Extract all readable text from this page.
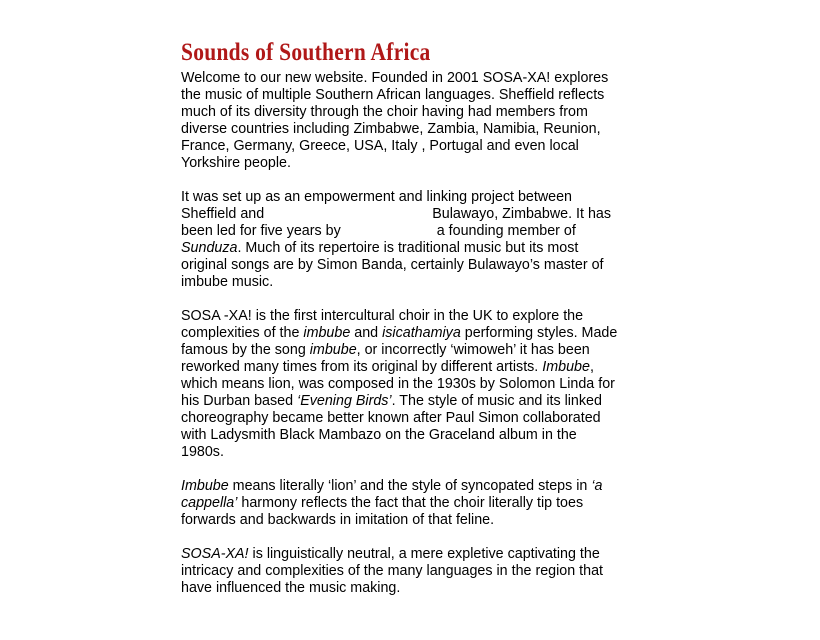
Sounds of Southern Africa

Welcome to our new website. Founded in 2001 SOSA-XA! explores
the music of multiple Southern African languages. Sheffield reflects
much of its diversity through the choir having had members from
diverse countries including Zimbabwe, Zambia, Namibia, Reunion,
France, Germany, Greece, USA, Italy , Portugal and even local
Yorkshire people.

It was set up as an empowerment and linking project between
Sheffield and	Bulawayo, Zimbabwe. It has
been led for five years by	a founding member of
Sunduza. Much of its repertoire is traditional music but its most
original songs are by Simon Banda, certainly Bulawayo’s master of
imbube music.

SOSA -XA! is the first intercultural choir in the UK to explore the
complexities of the imbube and isicathamiya performing styles. Made
famous by the song imbube, or incorrectly ‘wimoweh’ it has been
reworked many times from its original by different artists. Imbube,
which means lion, was composed in the 1930s by Solomon Linda for
his Durban based ‘Evening Birds’. The style of music and its linked
choreography became better known after Paul Simon collaborated
with Ladysmith Black Mambazo on the Graceland album in the
1980s.

Imbube means literally ‘lion’ and the style of syncopated steps in ‘a
cappella’ harmony reflects the fact that the choir literally tip toes
forwards and backwards in imitation of that feline.

SOSA-XA! is linguistically neutral, a mere expletive captivating the
intricacy and complexities of the many languages in the region that
have influenced the music making.
